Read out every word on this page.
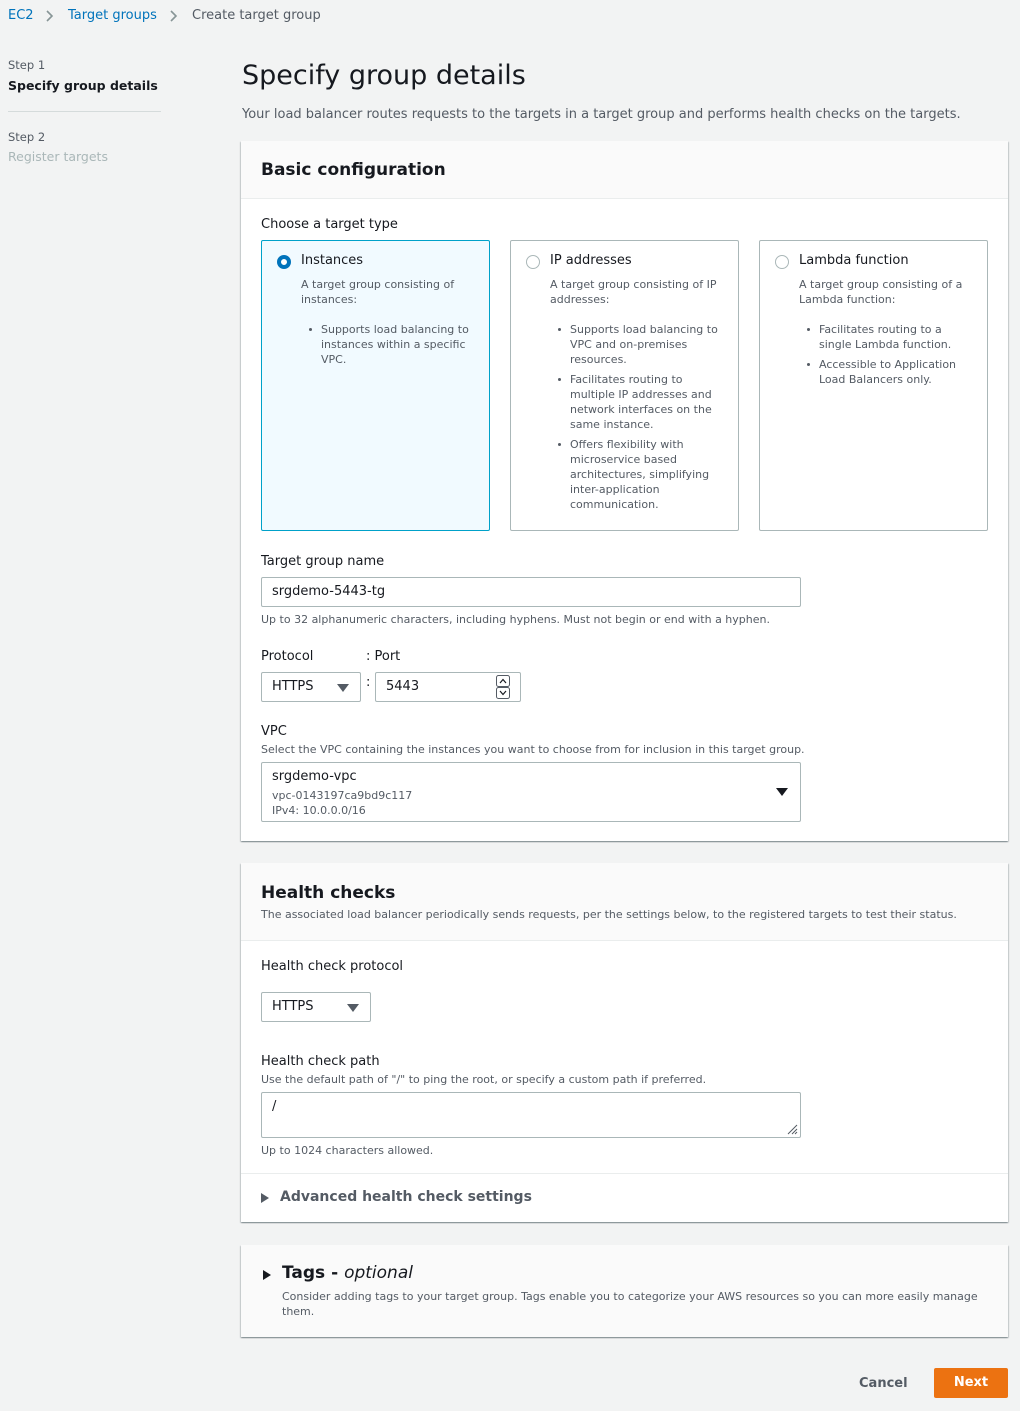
EC2	Target groups	Create target group
Step 1
Specify group details
Step 2
Register targets
Specify group details
Your load balancer routes requests to the targets in a target group and performs health checks on the targets.
Basic configuration
Choose a target type
Instances
A target group consisting of instances:
Supports load balancing to instances within a specific VPC.
IP addresses
A target group consisting of IP addresses:
Supports load balancing to VPC and on-premises resources.
Facilitates routing to multiple IP addresses and network interfaces on the same instance.
Offers flexibility with microservice based architectures, simplifying inter-application communication.
Lambda function
A target group consisting of a Lambda function:
Facilitates routing to a single Lambda function.
Accessible to Application Load Balancers only.
Target group name
srgdemo-5443-tg
Up to 32 alphanumeric characters, including hyphens. Must not begin or end with a hyphen.
Protocol	: Port
HTTPS	:	5443
VPC
Select the VPC containing the instances you want to choose from for inclusion in this target group.
srgdemo-vpc
vpc-0143197ca9bd9c117
IPv4: 10.0.0.0/16
Health checks
The associated load balancer periodically sends requests, per the settings below, to the registered targets to test their status.
Health check protocol
HTTPS
Health check path
Use the default path of "/" to ping the root, or specify a custom path if preferred.
/
Up to 1024 characters allowed.
Advanced health check settings
Tags - optional
Consider adding tags to your target group. Tags enable you to categorize your AWS resources so you can more easily manage them.
Cancel	Next
